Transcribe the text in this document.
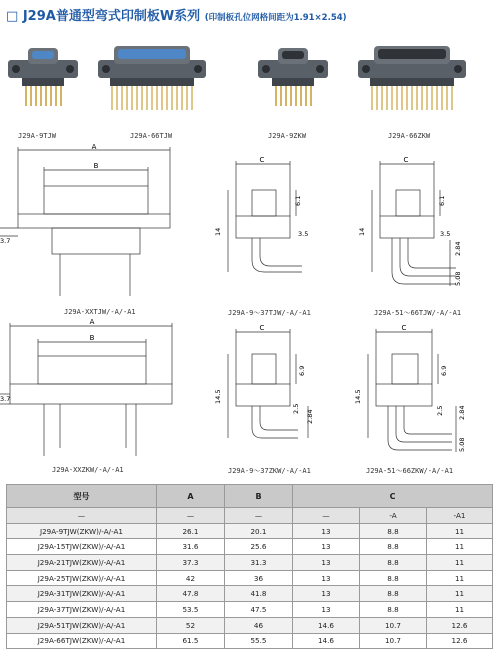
□ J29A普通型弯式印制板W系列 (印制板孔位网格间距为1.91×2.54)
J29A-9TJW	J29A-66TJW	J29A-9ZKW	J29A-66ZKW
A
B
3.7
J29A-XXTJW/-A/-A1
C
14
6.1
3.5
J29A-9～37TJW/-A/-A1
C
14
6.1
3.5
2.84
5.08
J29A-51～66TJW/-A/-A1
A
B
3.7
J29A-XXZKW/-A/-A1
C
14.5
6.9
2.5
2.84
J29A-9～37ZKW/-A/-A1
C
14.5
6.9
2.5 2.84
5.08
J29A-51～66ZKW/-A/-A1
型号	A	B	C		
—	—	—	—	-A	-A1
J29A-9TJW(ZKW)/-A/-A1	26.1	20.1	13	8.8	11
J29A-15TJW(ZKW)/-A/-A1	31.6	25.6	13	8.8	11
J29A-21TJW(ZKW)/-A/-A1	37.3	31.3	13	8.8	11
J29A-25TJW(ZKW)/-A/-A1	42	36	13	8.8	11
J29A-31TJW(ZKW)/-A/-A1	47.8	41.8	13	8.8	11
J29A-37TJW(ZKW)/-A/-A1	53.5	47.5	13	8.8	11
J29A-51TJW(ZKW)/-A/-A1	52	46	14.6	10.7	12.6
J29A-66TJW(ZKW)/-A/-A1	61.5	55.5	14.6	10.7	12.6
